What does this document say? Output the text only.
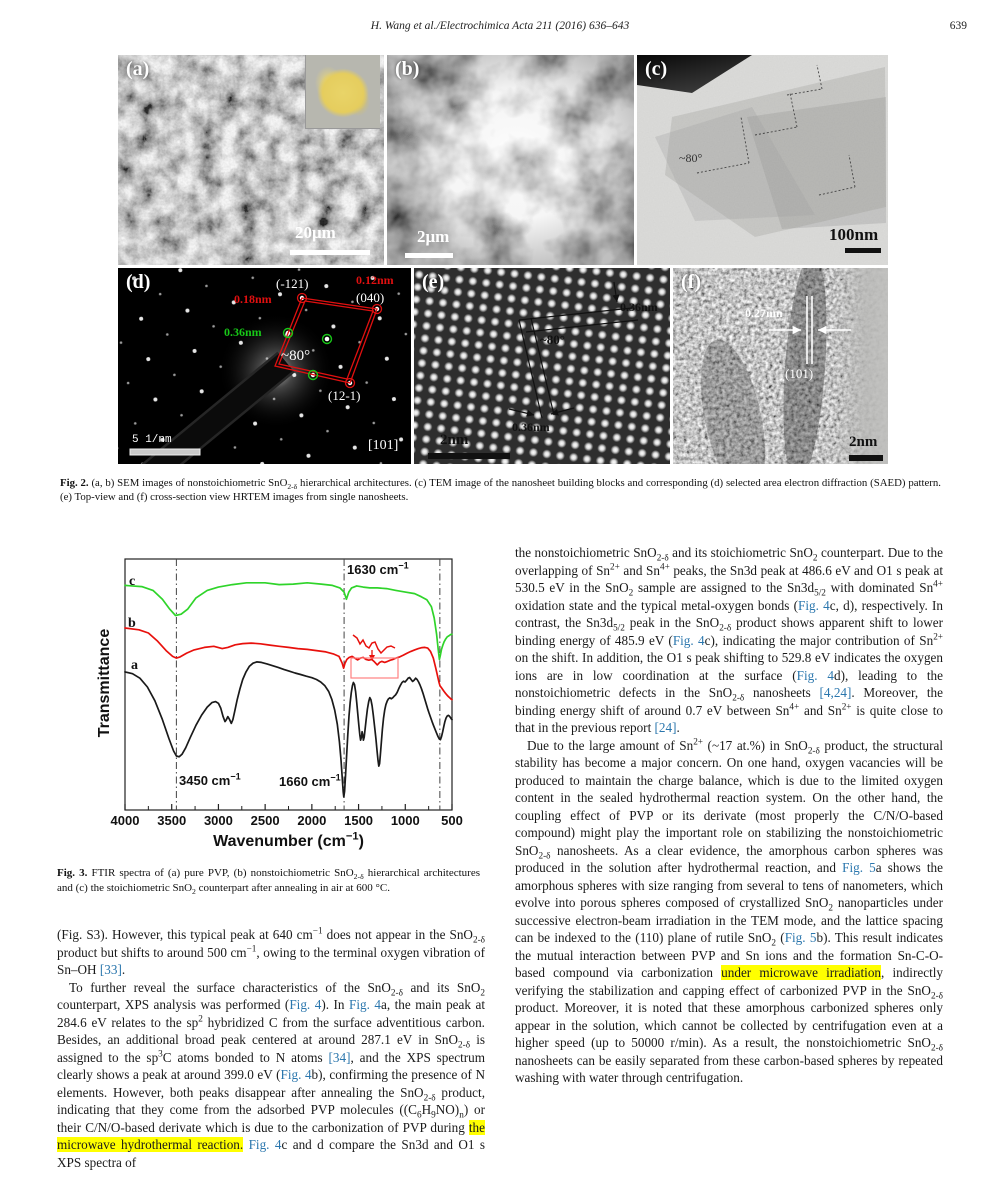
H. Wang et al./Electrochimica Acta 211 (2016) 636–643	639
(a)
20μm
(b)
2μm
(c)
~80°
100nm
(d)	(-121)	0.12nm
0.18nm	(040)
0.36nm
~80°
(12-1)
[101]
5 1/nm
(e)
0.36nm
~80°
0.36nm
2nm
(f)
0.27nm
(101)
2nm
Fig. 2. (a, b) SEM images of nonstoichiometric SnO$_{2-\delta}$ hierarchical architectures. (c) TEM image of the nanosheet building blocks and corresponding (d) selected area electron diffraction (SAED) pattern. (e) Top-view and (f) cross-section view HRTEM images from single nanosheets.
4000 3500 3000 2500 2000 1500 1000 500
Transmittance
Wavenumber $(cm^{-1})$
1630 $cm^{-1}$
3450 $cm^{-1}$	1660 $cm^{-1}$
c
b
a
Fig. 3. FTIR spectra of (a) pure PVP, (b) nonstoichiometric SnO$_{2-\delta}$ hierarchical architectures and (c) the stoichiometric SnO$_2$ counterpart after annealing in air at 600 °C.

(Fig. S3). However, this typical peak at 640 $cm^{-1}$ does not appear in the SnO$_{2-\delta}$ product but shifts to around 500 $cm^{-1}$, owing to the terminal oxygen vibration of Sn–OH [33].

To further reveal the surface characteristics of the SnO$_{2-\delta}$ and its SnO$_2$ counterpart, XPS analysis was performed (Fig. 4). In Fig. 4a, the main peak at 284.6 eV relates to the $sp^2$ hybridized C from the surface adventitious carbon. Besides, an additional broad peak centered at around 287.1 eV in SnO$_{2-\delta}$ is assigned to the $sp^3C$ atoms bonded to N atoms [34], and the XPS spectrum clearly shows a peak at around 399.0 eV (Fig. 4b), confirming the presence of N elements. However, both peaks disappear after annealing the SnO$_{2-\delta}$ product, indicating that they come from the adsorbed PVP molecules $((C_6H_9NO)_n)$ or their C/N/O-based derivate which is due to the carbonization of PVP during the microwave hydrothermal reaction. Fig. 4c and d compare the Sn3d and O1 s XPS spectra of

the nonstoichiometric SnO$_{2-\delta}$ and its stoichiometric SnO$_2$ counterpart. Due to the overlapping of $Sn^{2+}$ and $Sn^{4+}$ peaks, the Sn3d peak at 486.6 eV and O1 s peak at 530.5 eV in the SnO$_2$ sample are assigned to the $Sn3d_{5/2}$ with dominated $Sn^{4+}$ oxidation state and the typical metal-oxygen bonds (Fig. 4c, d), respectively. In contrast, the $Sn3d_{5/2}$ peak in the SnO$_{2-\delta}$ product shows apparent shift to lower binding energy of 485.9 eV (Fig. 4c), indicating the major contribution of $Sn^{2+}$ on the shift. In addition, the O1 s peak shifting to 529.8 eV indicates the oxygen ions are in low coordination at the surface (Fig. 4d), leading to the nonstoichiometric defects in the SnO$_{2-\delta}$ nanosheets [4,24]. Moreover, the binding energy shift of around 0.7 eV between $Sn^{4+}$ and $Sn^{2+}$ is quite close to that in the previous report [24].

Due to the large amount of $Sn^{2+}$ (~17 at.%) in SnO$_{2-\delta}$ product, the structural stability has become a major concern. On one hand, oxygen vacancies will be produced to maintain the charge balance, which is due to the limited oxygen content in the sealed hydrothermal reaction system. On the other hand, the coupling effect of PVP or its derivate (most properly the C/N/O-based compound) might play the important role on stabilizing the nonstoichiometric SnO$_{2-\delta}$ nanosheets. As a clear evidence, the amorphous carbon spheres was produced in the solution after hydrothermal reaction, and Fig. 5a shows the amorphous spheres with size ranging from several to tens of nanometers, which evolve into porous spheres composed of crystallized SnO$_2$ nanoparticles under successive electron-beam irradiation in the TEM mode, and the lattice spacing can be indexed to the (110) plane of rutile SnO$_2$ (Fig. 5b). This result indicates the mutual interaction between PVP and Sn ions and the formation Sn-C-O-based compound via carbonization under microwave irradiation, indirectly verifying the stabilization and capping effect of carbonized PVP in the SnO$_{2-\delta}$ product. Moreover, it is noted that these amorphous carbonized spheres only appear in the solution, which cannot be collected by centrifugation even at a higher speed (up to 50000 r/min). As a result, the nonstoichiometric SnO$_{2-\delta}$ nanosheets can be easily separated from these carbon-based spheres by repeated washing with water through centrifugation.
